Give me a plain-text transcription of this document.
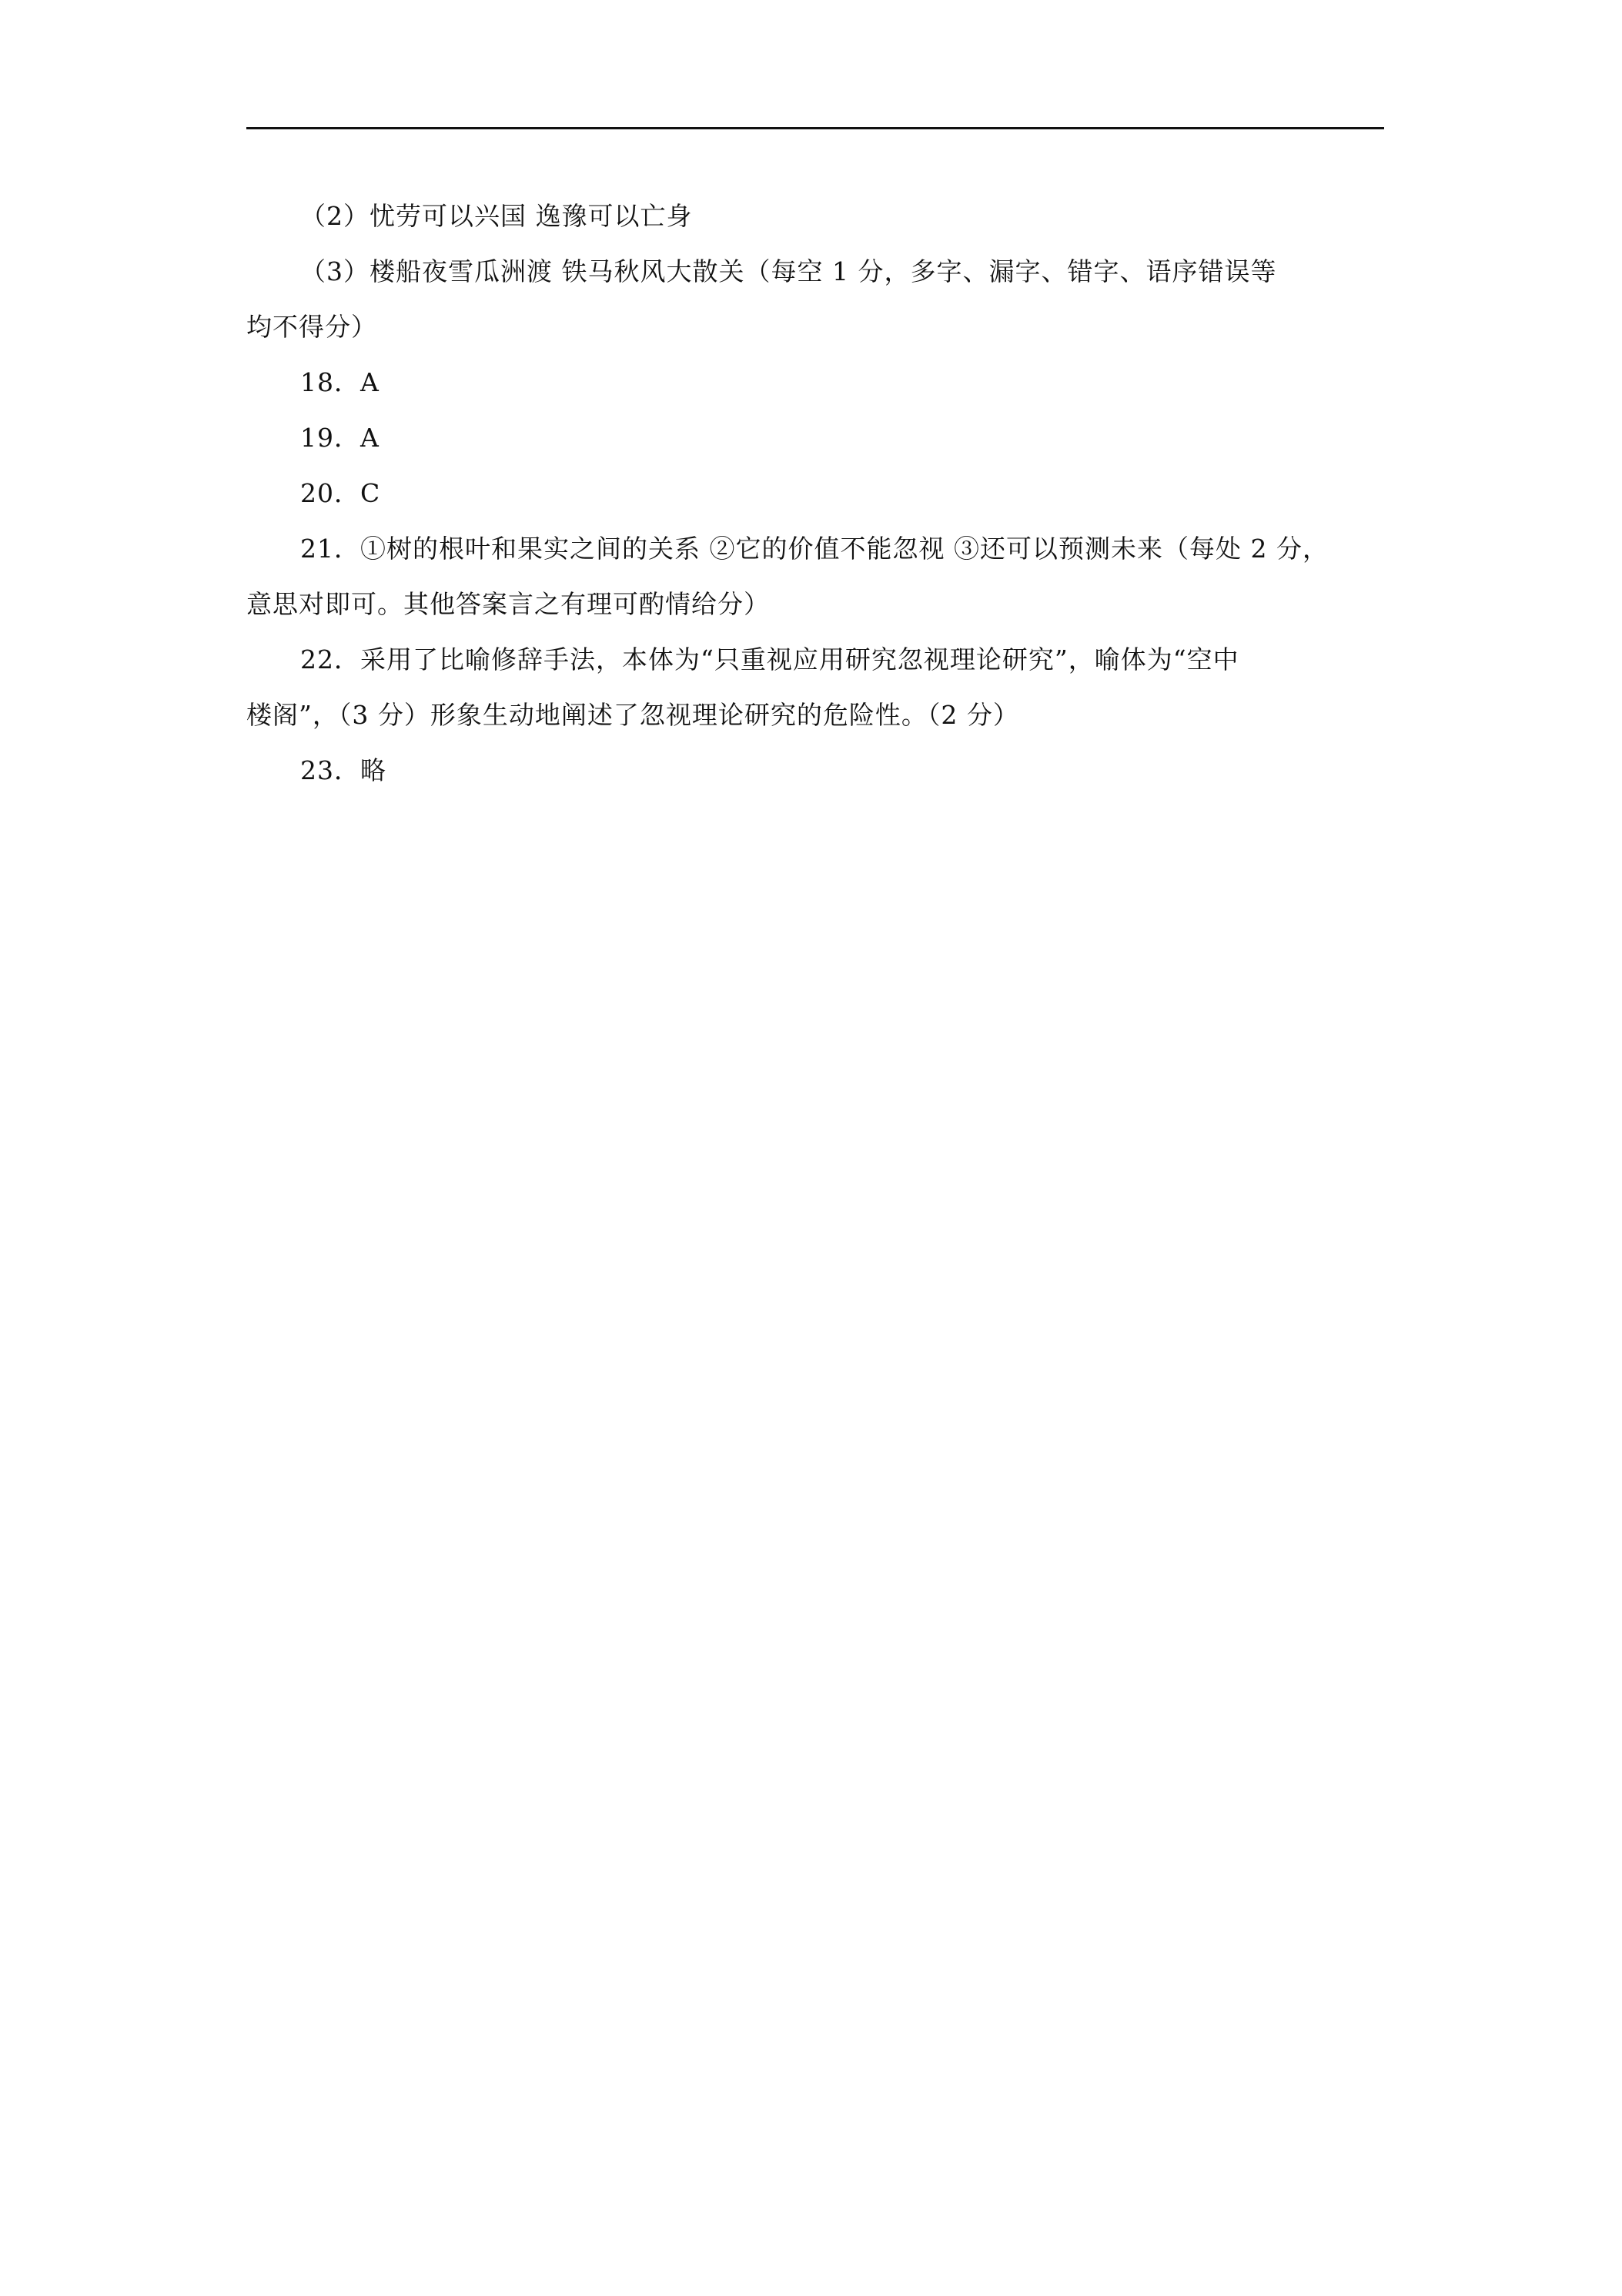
（2）忧劳可以兴国 逸豫可以亡身

（3）楼船夜雪瓜洲渡 铁马秋风大散关（每空 1 分，多字、漏字、错字、语序错误等

均不得分）

18．A

19．A

20．C

21．①树的根叶和果实之间的关系 ②它的价值不能忽视 ③还可以预测未来（每处 2 分，

意思对即可。其他答案言之有理可酌情给分）

22．采用了比喻修辞手法，本体为“只重视应用研究忽视理论研究”，喻体为“空中

楼阁”，（3 分）形象生动地阐述了忽视理论研究的危险性。（2 分）

23．略
